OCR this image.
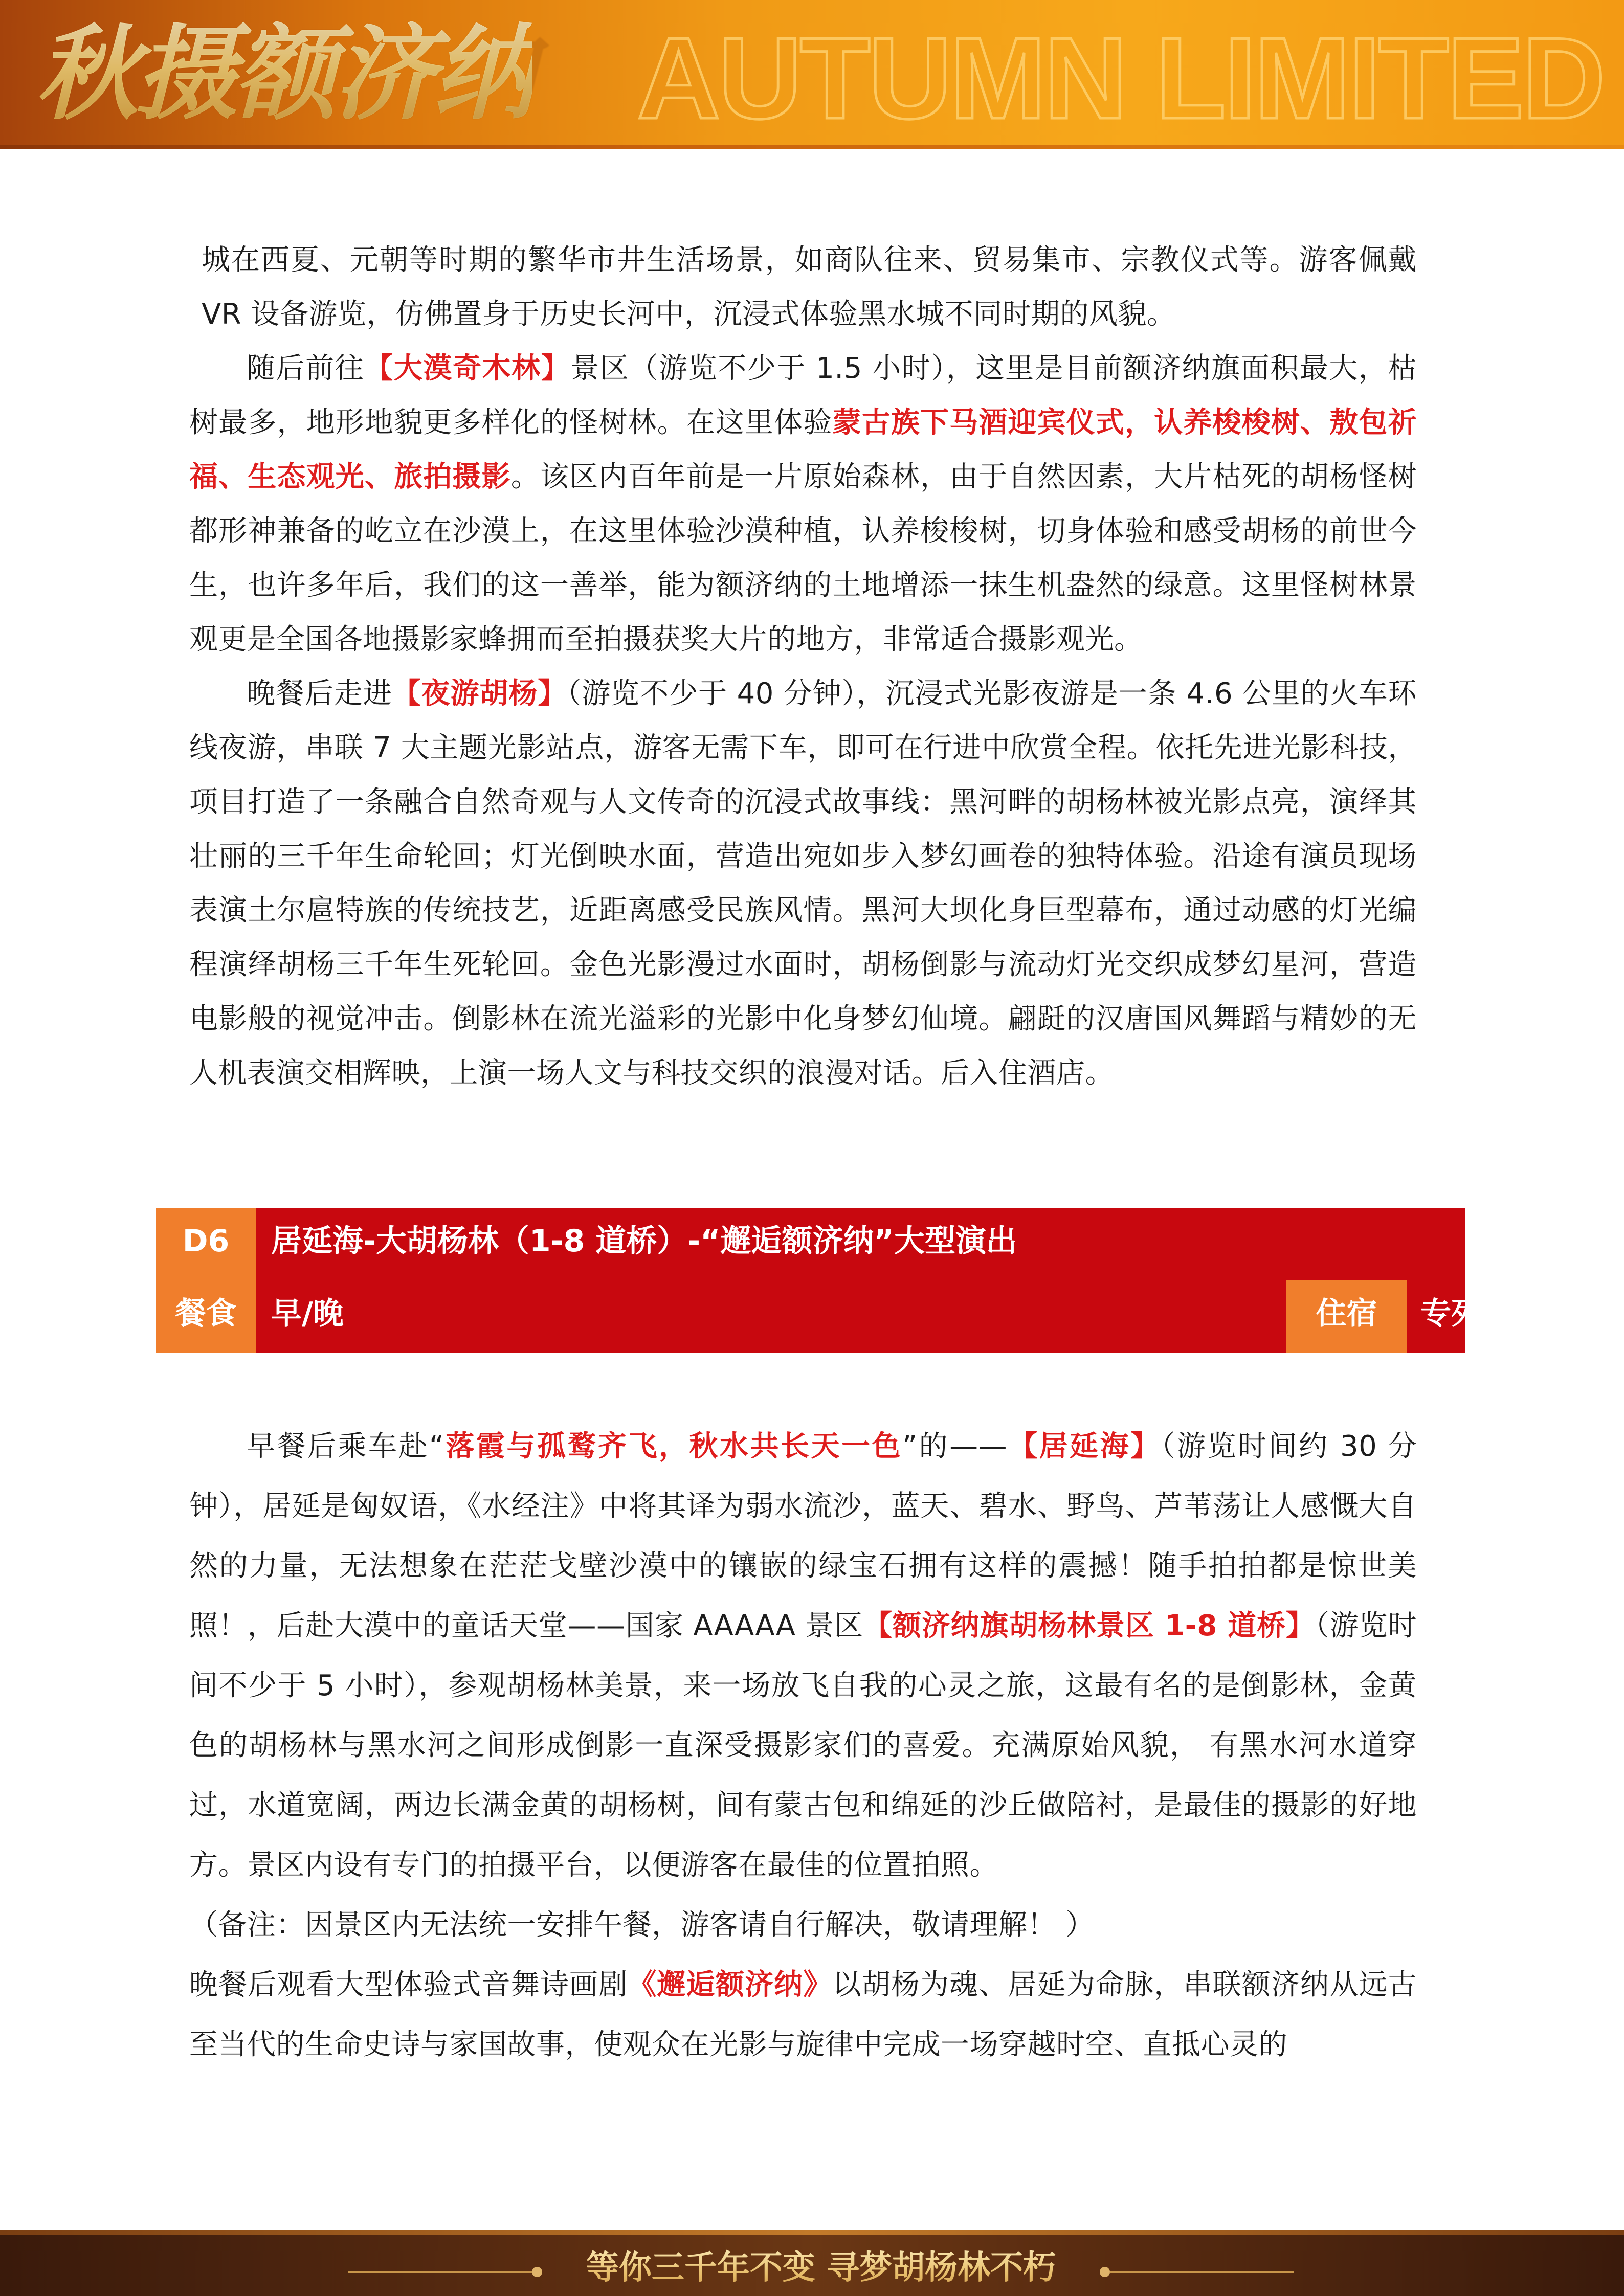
秋摄额济纳 AUTUMN LIMITED

城在西夏、元朝等时期的繁华市井生活场景，如商队往来、贸易集市、宗教仪式等。游客佩戴 VR 设备游览，仿佛置身于历史长河中，沉浸式体验黑水城不同时期的风貌。

随后前往【大漠奇木林】景区（游览不少于 1.5 小时），这里是目前额济纳旗面积最大，枯树最多，地形地貌更多样化的怪树林。在这里体验蒙古族下马酒迎宾仪式，认养梭梭树、敖包祈福、生态观光、旅拍摄影。该区内百年前是一片原始森林，由于自然因素，大片枯死的胡杨怪树都形神兼备的屹立在沙漠上，在这里体验沙漠种植，认养梭梭树，切身体验和感受胡杨的前世今生，也许多年后，我们的这一善举，能为额济纳的土地增添一抹生机盎然的绿意。这里怪树林景观更是全国各地摄影家蜂拥而至拍摄获奖大片的地方，非常适合摄影观光。

晚餐后走进【夜游胡杨】（游览不少于 40 分钟），沉浸式光影夜游是一条 4.6 公里的火车环线夜游，串联 7 大主题光影站点，游客无需下车，即可在行进中欣赏全程。依托先进光影科技，项目打造了一条融合自然奇观与人文传奇的沉浸式故事线：黑河畔的胡杨林被光影点亮，演绎其壮丽的三千年生命轮回；灯光倒映水面，营造出宛如步入梦幻画卷的独特体验。沿途有演员现场表演土尔扈特族的传统技艺，近距离感受民族风情。黑河大坝化身巨型幕布，通过动感的灯光编程演绎胡杨三千年生死轮回。金色光影漫过水面时，胡杨倒影与流动灯光交织成梦幻星河，营造电影般的视觉冲击。倒影林在流光溢彩的光影中化身梦幻仙境。翩跹的汉唐国风舞蹈与精妙的无人机表演交相辉映，上演一场人文与科技交织的浪漫对话。后入住酒店。

D6	居延海-大胡杨林（1-8 道桥）-“邂逅额济纳”大型演出
餐食	早/晚	住宿	专列

早餐后乘车赴“落霞与孤鹜齐飞，秋水共长天一色”的——【居延海】（游览时间约 30 分钟），居延是匈奴语，《水经注》中将其译为弱水流沙，蓝天、碧水、野鸟、芦苇荡让人感慨大自然的力量，无法想象在茫茫戈壁沙漠中的镶嵌的绿宝石拥有这样的震撼！随手拍拍都是惊世美照！，后赴大漠中的童话天堂——国家 AAAAA 景区【额济纳旗胡杨林景区 1-8 道桥】（游览时间不少于 5 小时），参观胡杨林美景，来一场放飞自我的心灵之旅，这最有名的是倒影林，金黄色的胡杨林与黑水河之间形成倒影一直深受摄影家们的喜爱。充满原始风貌， 有黑水河水道穿过，水道宽阔，两边长满金黄的胡杨树，间有蒙古包和绵延的沙丘做陪衬，是最佳的摄影的好地方。景区内设有专门的拍摄平台，以便游客在最佳的位置拍照。

（备注：因景区内无法统一安排午餐，游客请自行解决，敬请理解！ ）

晚餐后观看大型体验式音舞诗画剧《邂逅额济纳》以胡杨为魂、居延为命脉，串联额济纳从远古至当代的生命史诗与家国故事，使观众在光影与旋律中完成一场穿越时空、直抵心灵的

等你三千年不变 寻梦胡杨林不朽
